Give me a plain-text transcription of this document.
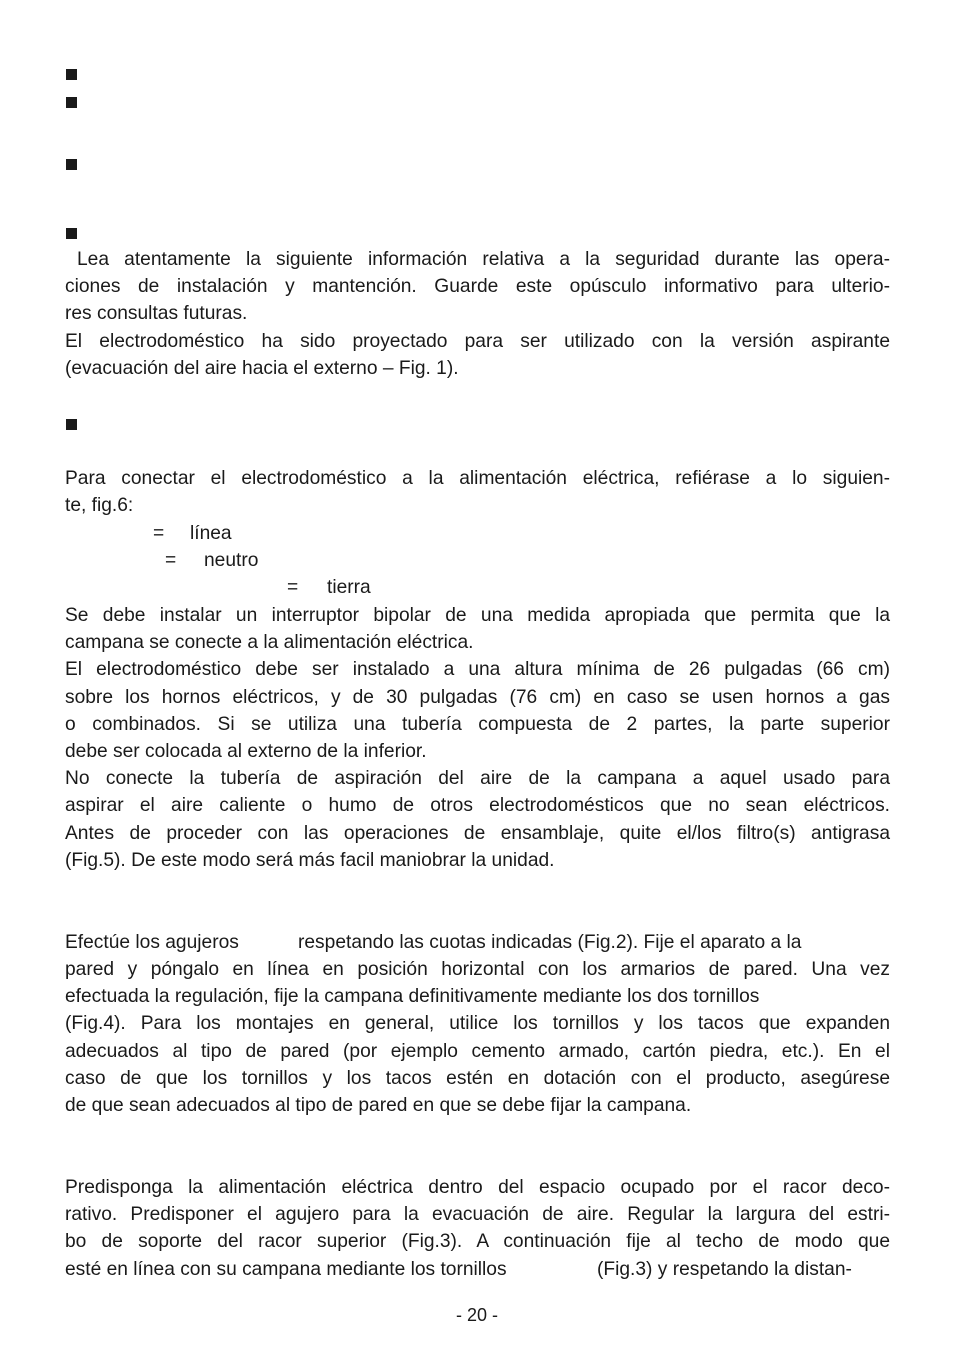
Lea atentamente la siguiente información relativa a la seguridad durante las opera-
ciones de instalación y mantención. Guarde este opúsculo informativo para ulterio-
res consultas futuras.
El electrodoméstico ha sido proyectado para ser utilizado con la versión aspirante
(evacuación del aire hacia el externo – Fig. 1).
Para conectar el electrodoméstico a la alimentación eléctrica, refiérase a lo siguien-
te, fig.6:
= línea
= neutro
= tierra
Se debe instalar un interruptor bipolar de una medida apropiada que permita que la
campana se conecte a la alimentación eléctrica.
El electrodoméstico debe ser instalado a una altura mínima de 26 pulgadas (66 cm)
sobre los hornos eléctricos, y de 30 pulgadas (76 cm) en caso se usen hornos a gas
o combinados. Si se utiliza una tubería compuesta de 2 partes, la parte superior
debe ser colocada al externo de la inferior.
No conecte la tubería de aspiración del aire de la campana a aquel usado para
aspirar el aire caliente o humo de otros electrodomésticos que no sean eléctricos.
Antes de proceder con las operaciones de ensamblaje, quite el/los filtro(s) antigrasa
(Fig.5). De este modo será más facil maniobrar la unidad.
Efectúe los agujeros	respetando las cuotas indicadas (Fig.2). Fije el aparato a la
pared y póngalo en línea en posición horizontal con los armarios de pared. Una vez
efectuada la regulación, fije la campana definitivamente mediante los dos tornillos
(Fig.4). Para los montajes en general, utilice los tornillos y los tacos que expanden
adecuados al tipo de pared (por ejemplo cemento armado, cartón piedra, etc.). En el
caso de que los tornillos y los tacos estén en dotación con el producto, asegúrese
de que sean adecuados al tipo de pared en que se debe fijar la campana.
Predisponga la alimentación eléctrica dentro del espacio ocupado por el racor deco-
rativo. Predisponer el agujero para la evacuación de aire. Regular la largura del estri-
bo de soporte del racor superior (Fig.3). A continuación fije al techo de modo que
esté en línea con su campana mediante los tornillos	(Fig.3) y respetando la distan-
- 20 -
